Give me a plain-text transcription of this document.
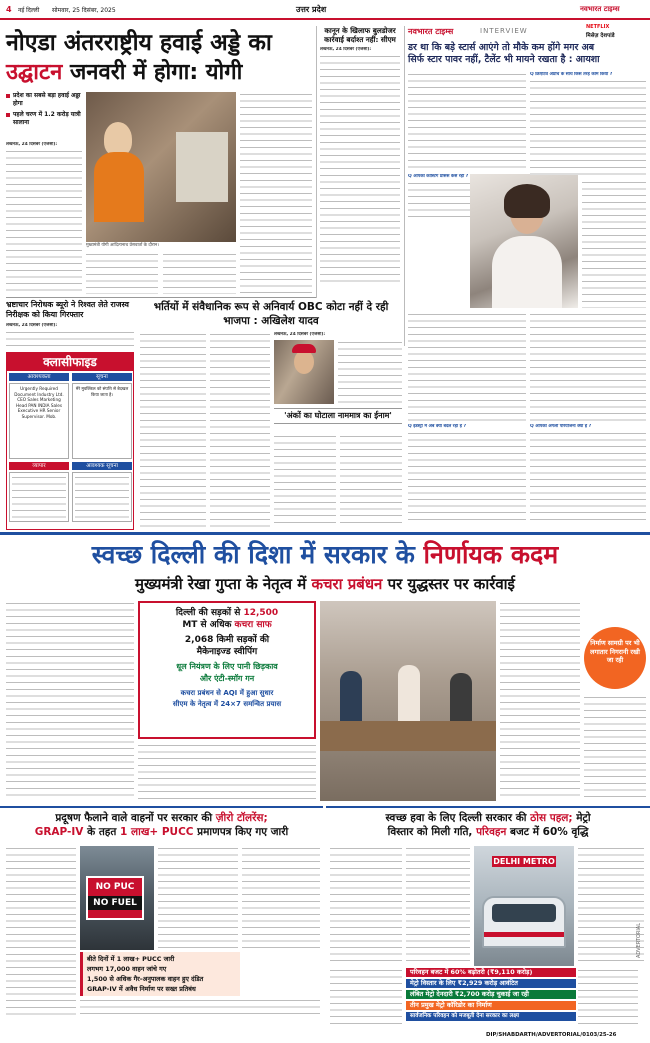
4 नई दिल्ली सोमवार, 25 दिसंबर, 2025	उत्तर प्रदेश	नवभारत टाइम्स
नोएडा अंतरराष्ट्रीय हवाई अड्डे का
उद्घाटन जनवरी में होगा: योगी
प्रदेश का सबसे बड़ा हवाई अड्डा होगा
पहले चरण में 1.2 करोड़ यात्री सालाना
लखनऊ, 24 दिसंबर (एजेंसी):
मुख्यमंत्री योगी आदित्यनाथ प्रेसवार्ता के दौरान।
कानून के खिलाफ बुलडोजर कार्रवाई बर्दाश्त नहीं: सीएम
लखनऊ, 24 दिसंबर (एजेंसी):
भ्रष्टाचार निरोधक ब्यूरो ने रिश्वत लेते राजस्व निरीक्षक को किया गिरफ्तार
लखनऊ, 24 दिसंबर (एजेंसी):
भर्तियों में संवैधानिक रूप से अनिवार्य OBC कोटा नहीं दे रही भाजपा : अखिलेश यादव
लखनऊ, 24 दिसंबर (एजेंसी):
'अंकों का घोटाला नाममात्र का ईनाम'
क्लासीफाइड
आवश्यकता
Urgently Required Document Industry Ltd. CEO Sales Marketing Head PAN INDIA Sales Executive HR Senior Supervisor. Mob.
व्यापार
सूचना
मेरे मुवक्किल को संपत्ति से बेदखल किया जाता है।
आवश्यक सूचना
नवभारत टाइम्स	INTERVIEW	NETFLIX
मिसेज़ देशपांडे
डर था कि बड़े स्टार्स आएंगे तो मौके कम होंगे मगर अब
सिर्फ स्टार पावर नहीं, टैलेंट भी मायने रखता है : आयशा
Q आपकी कास्टिंग प्रोसेस कैसे रही ?
Q क्रिएटिव अप्रोच के साथ किस तरह काम किया ?
Q इंडस्ट्री में अब क्या बदल रहा है ?	Q आपकी अगली परियोजना क्या है ?
स्वच्छ दिल्ली की दिशा में सरकार के निर्णायक कदम
मुख्यमंत्री रेखा गुप्ता के नेतृत्व में कचरा प्रबंधन पर युद्धस्तर पर कार्रवाई
दिल्ली की सड़कों से 12,500
MT से अधिक कचरा साफ
2,068 किमी सड़कों की
मैकेनाइज्ड स्वीपिंग
धूल नियंत्रण के लिए पानी छिड़काव
और एंटी-स्मॉग गन
कचरा प्रबंधन से AQI में हुआ सुधार
सीएम के नेतृत्व में 24×7 समन्वित प्रयास
निर्माण सामग्री पर भी लगातार निगरानी रखी जा रही
प्रदूषण फैलाने वाले वाहनों पर सरकार की ज़ीरो टॉलरेंस;
GRAP-IV के तहत 1 लाख+ PUCC प्रमाणपत्र किए गए जारी
NO PUC
NO FUEL
बीते दिनों में 1 लाख+ PUCC जारी
लगभग 17,000 वाहन जांचे गए
1,500 से अधिक गैर-अनुपालक वाहन हुए दंडित
GRAP-IV में अवैध निर्माण पर सख्त प्रतिबंध
स्वच्छ हवा के लिए दिल्ली सरकार की ठोस पहल; मेट्रो
विस्तार को मिली गति, परिवहन बजट में 60% वृद्धि
DELHI METRO
परिवहन बजट में 60% बढ़ोतरी (₹9,110 करोड़)
मेट्रो विस्तार के लिए ₹2,929 करोड़ आवंटित
लंबित मेट्रो देनदारी ₹2,700 करोड़ चुकाई जा रही
तीन प्रमुख मेट्रो कॉरिडोर का निर्माण
सार्वजनिक परिवहन को मजबूती देना सरकार का लक्ष्य
DIP/SHABDARTH/ADVERTORIAL/0103/25-26
ADVERTORIAL
